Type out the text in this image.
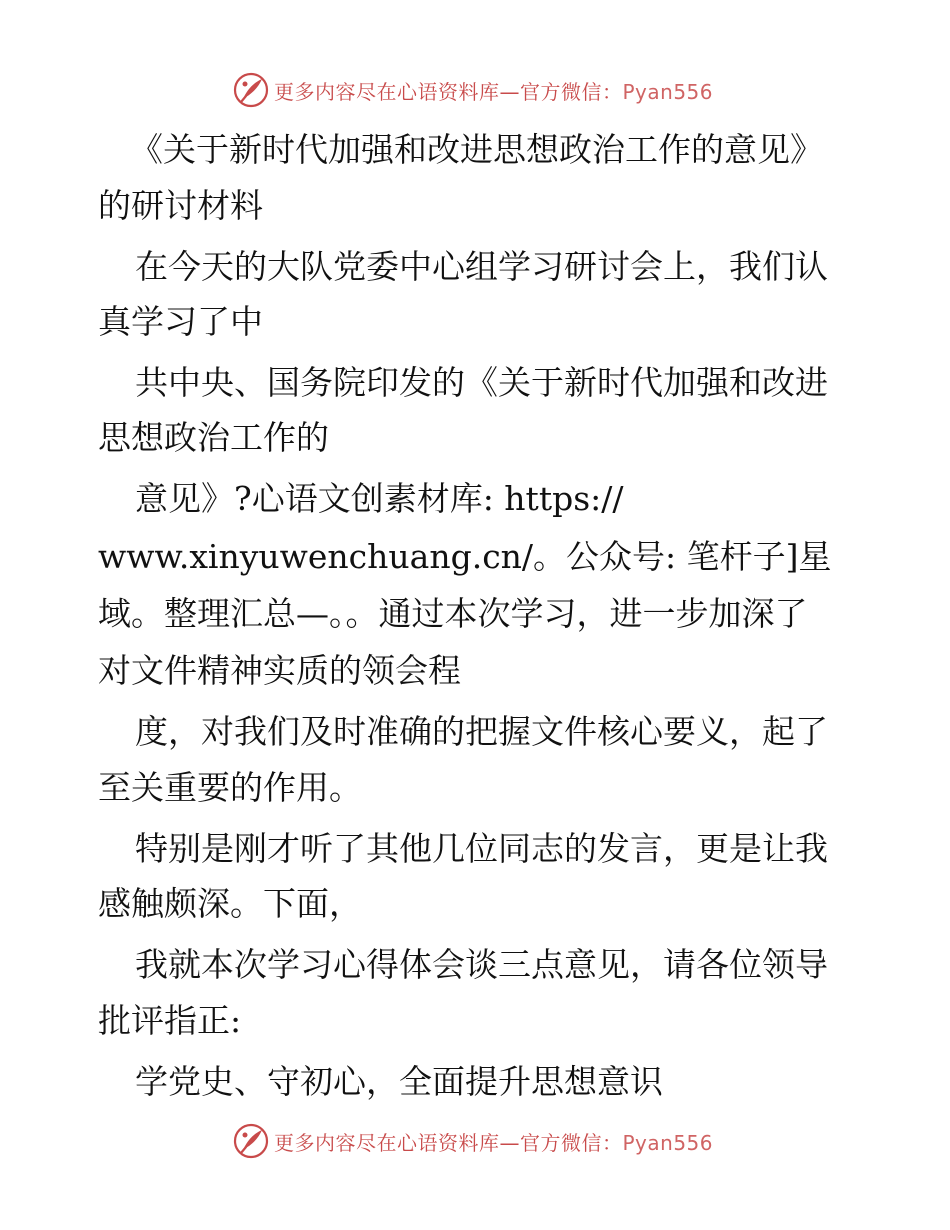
更多内容尽在心语资料库—官方微信：Pyan556
《关于新时代加强和改进思想政治工作的意见》
的研讨材料
在今天的大队党委中心组学习研讨会上，我们认
真学习了中
共中央、国务院印发的《关于新时代加强和改进
思想政治工作的
意见》?心语文创素材库: https://
www.xinyuwenchuang.cn/。公众号: 笔杆子]星
域。整理汇总—。。通过本次学习，进一步加深了
对文件精神实质的领会程
度，对我们及时准确的把握文件核心要义，起了
至关重要的作用。
特别是刚才听了其他几位同志的发言，更是让我
感触颇深。下面，
我就本次学习心得体会谈三点意见，请各位领导
批评指正:
学党史、守初心，全面提升思想意识
更多内容尽在心语资料库—官方微信：Pyan556
